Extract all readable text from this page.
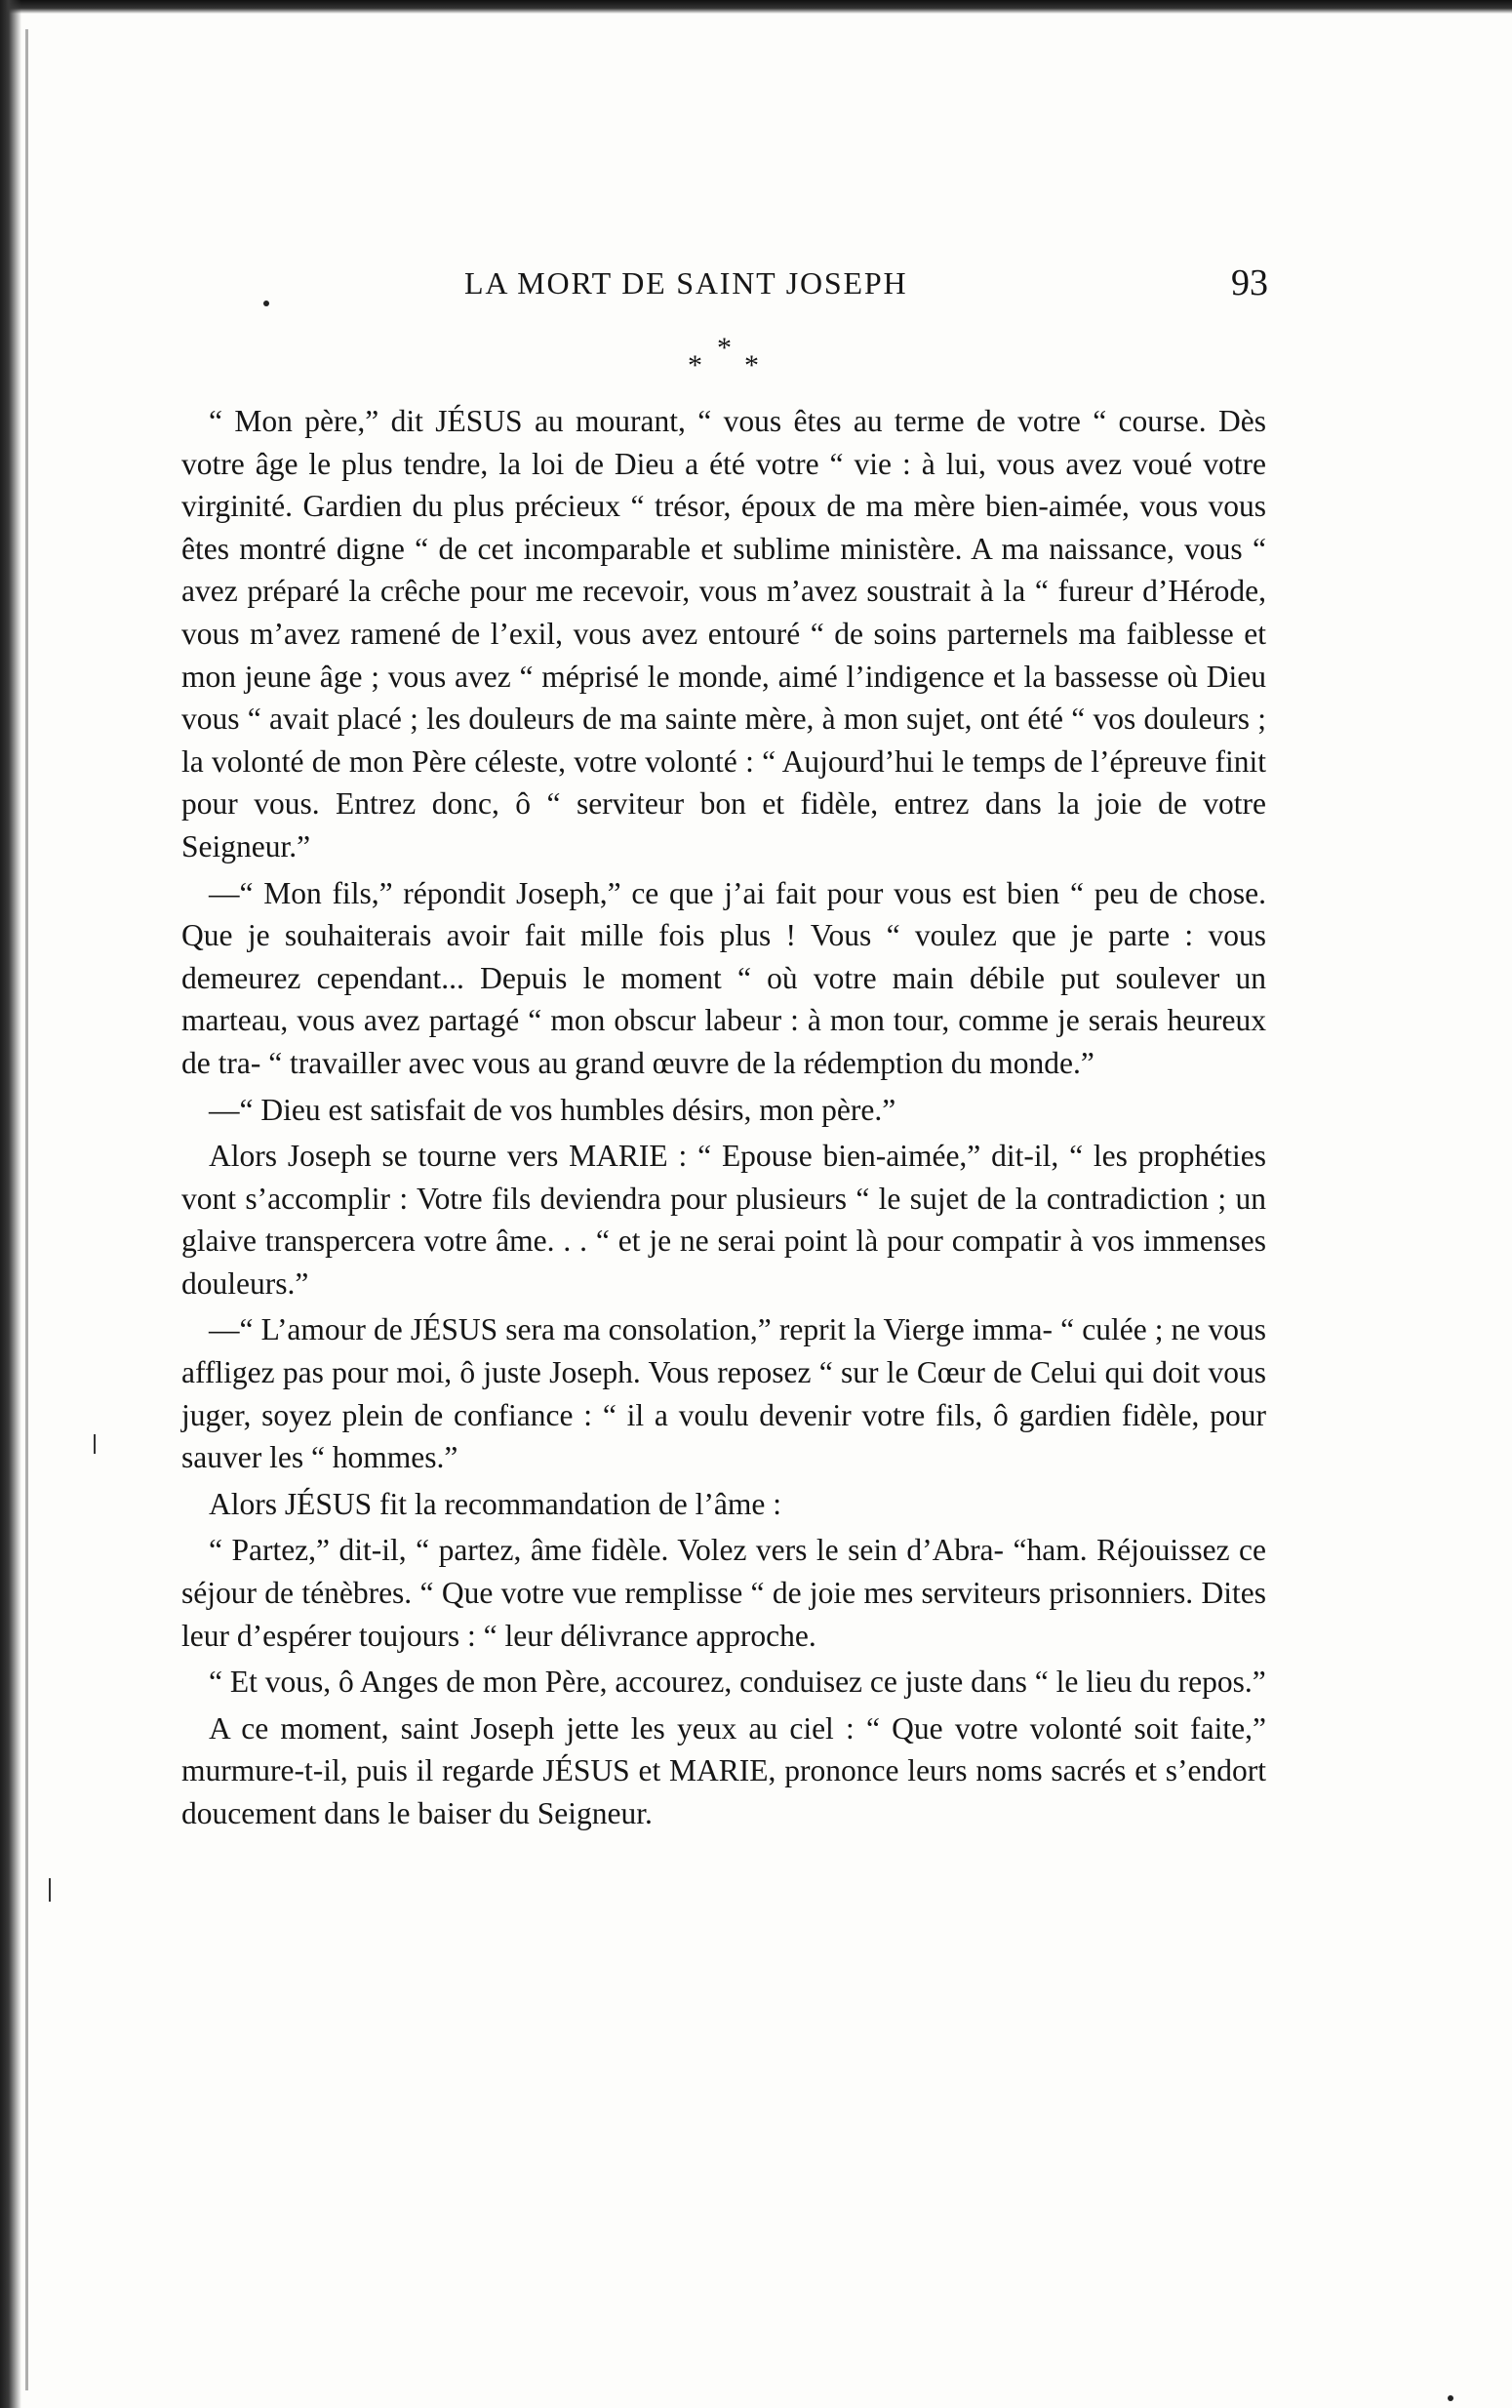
LA MORT DE SAINT JOSEPH	93
*
* *

“ Mon père,” dit JÉSUS au mourant, “ vous êtes au terme de votre “ course. Dès votre âge le plus tendre, la loi de Dieu a été votre “ vie : à lui, vous avez voué votre virginité. Gardien du plus précieux “ trésor, époux de ma mère bien-aimée, vous vous êtes montré digne “ de cet incomparable et sublime ministère. A ma naissance, vous “ avez préparé la crêche pour me recevoir, vous m’avez soustrait à la “ fureur d’Hérode, vous m’avez ramené de l’exil, vous avez entouré “ de soins parternels ma faiblesse et mon jeune âge ; vous avez “ méprisé le monde, aimé l’indigence et la bassesse où Dieu vous “ avait placé ; les douleurs de ma sainte mère, à mon sujet, ont été “ vos douleurs ; la volonté de mon Père céleste, votre volonté : “ Aujourd’hui le temps de l’épreuve finit pour vous. Entrez donc, ô “ serviteur bon et fidèle, entrez dans la joie de votre Seigneur.”

—“ Mon fils,” répondit Joseph,” ce que j’ai fait pour vous est bien “ peu de chose. Que je souhaiterais avoir fait mille fois plus ! Vous “ voulez que je parte : vous demeurez cependant... Depuis le moment “ où votre main débile put soulever un marteau, vous avez partagé “ mon obscur labeur : à mon tour, comme je serais heureux de tra- “ travailler avec vous au grand œuvre de la rédemption du monde.”

—“ Dieu est satisfait de vos humbles désirs, mon père.”

Alors Joseph se tourne vers MARIE : “ Epouse bien-aimée,” dit-il, “ les prophéties vont s’accomplir : Votre fils deviendra pour plusieurs “ le sujet de la contradiction ; un glaive transpercera votre âme. . . “ et je ne serai point là pour compatir à vos immenses douleurs.”

—“ L’amour de JÉSUS sera ma consolation,” reprit la Vierge imma- “ culée ; ne vous affligez pas pour moi, ô juste Joseph. Vous reposez “ sur le Cœur de Celui qui doit vous juger, soyez plein de confiance : “ il a voulu devenir votre fils, ô gardien fidèle, pour sauver les “ hommes.”

Alors JÉSUS fit la recommandation de l’âme :

“ Partez,” dit-il, “ partez, âme fidèle. Volez vers le sein d’Abra- “ham. Réjouissez ce séjour de ténèbres. “ Que votre vue remplisse “ de joie mes serviteurs prisonniers. Dites leur d’espérer toujours : “ leur délivrance approche.

“ Et vous, ô Anges de mon Père, accourez, conduisez ce juste dans “ le lieu du repos.”

A ce moment, saint Joseph jette les yeux au ciel : “ Que votre volonté soit faite,” murmure-t-il, puis il regarde JÉSUS et MARIE, prononce leurs noms sacrés et s’endort doucement dans le baiser du Seigneur.
